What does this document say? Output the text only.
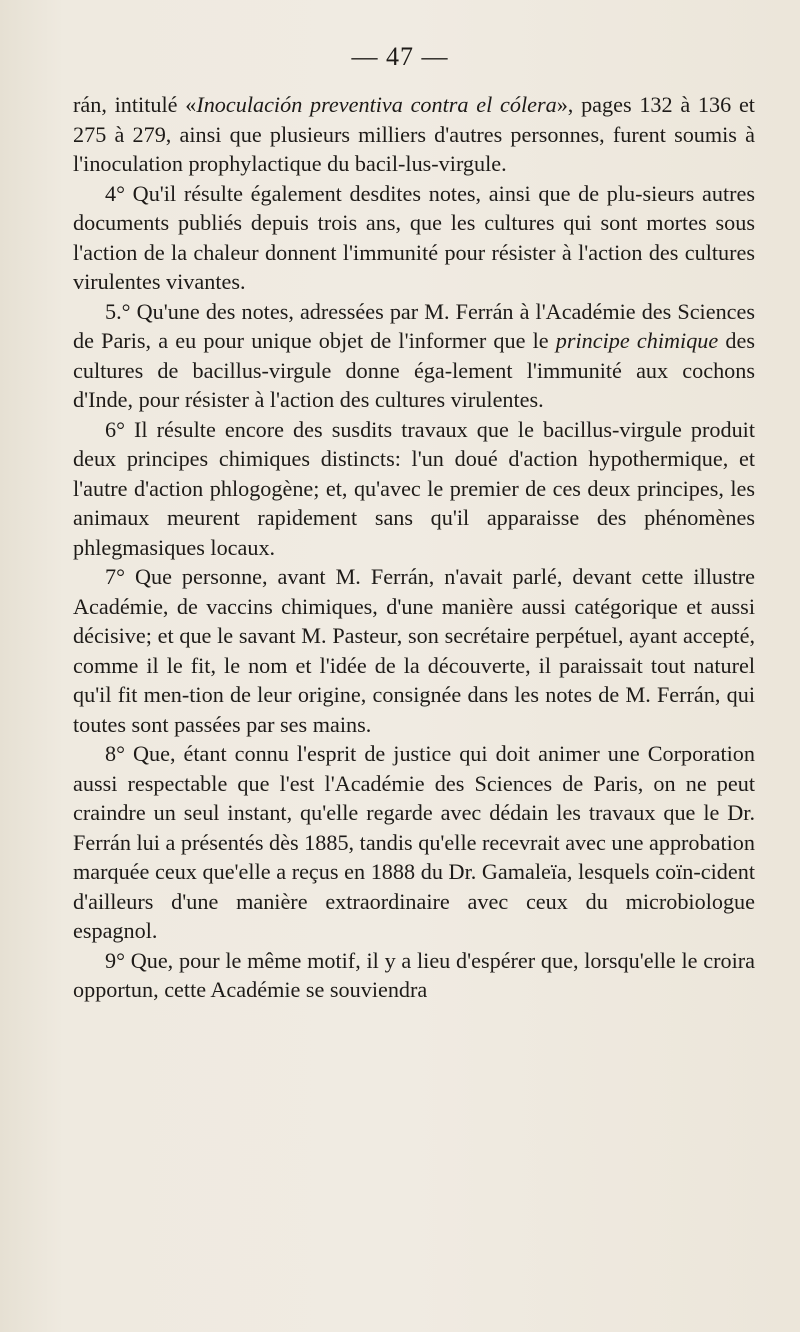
— 47 —

rán, intitulé «Inoculación preventiva contra el cólera», pages 132 à 136 et 275 à 279, ainsi que plusieurs milliers d'autres personnes, furent soumis à l'inoculation prophylactique du bacil-lus-virgule.

4° Qu'il résulte également desdites notes, ainsi que de plu-sieurs autres documents publiés depuis trois ans, que les cultures qui sont mortes sous l'action de la chaleur donnent l'immunité pour résister à l'action des cultures virulentes vivantes.

5.° Qu'une des notes, adressées par M. Ferrán à l'Académie des Sciences de Paris, a eu pour unique objet de l'informer que le principe chimique des cultures de bacillus-virgule donne éga-lement l'immunité aux cochons d'Inde, pour résister à l'action des cultures virulentes.

6° Il résulte encore des susdits travaux que le bacillus-virgule produit deux principes chimiques distincts: l'un doué d'action hypothermique, et l'autre d'action phlogogène; et, qu'avec le premier de ces deux principes, les animaux meurent rapidement sans qu'il apparaisse des phénomènes phlegmasiques locaux.

7° Que personne, avant M. Ferrán, n'avait parlé, devant cette illustre Académie, de vaccins chimiques, d'une manière aussi catégorique et aussi décisive; et que le savant M. Pasteur, son secrétaire perpétuel, ayant accepté, comme il le fit, le nom et l'idée de la découverte, il paraissait tout naturel qu'il fit men-tion de leur origine, consignée dans les notes de M. Ferrán, qui toutes sont passées par ses mains.

8° Que, étant connu l'esprit de justice qui doit animer une Corporation aussi respectable que l'est l'Académie des Sciences de Paris, on ne peut craindre un seul instant, qu'elle regarde avec dédain les travaux que le Dr. Ferrán lui a présentés dès 1885, tandis qu'elle recevrait avec une approbation marquée ceux que'elle a reçus en 1888 du Dr. Gamaleïa, lesquels coïn-cident d'ailleurs d'une manière extraordinaire avec ceux du microbiologue espagnol.

9° Que, pour le même motif, il y a lieu d'espérer que, lorsqu'elle le croira opportun, cette Académie se souviendra
